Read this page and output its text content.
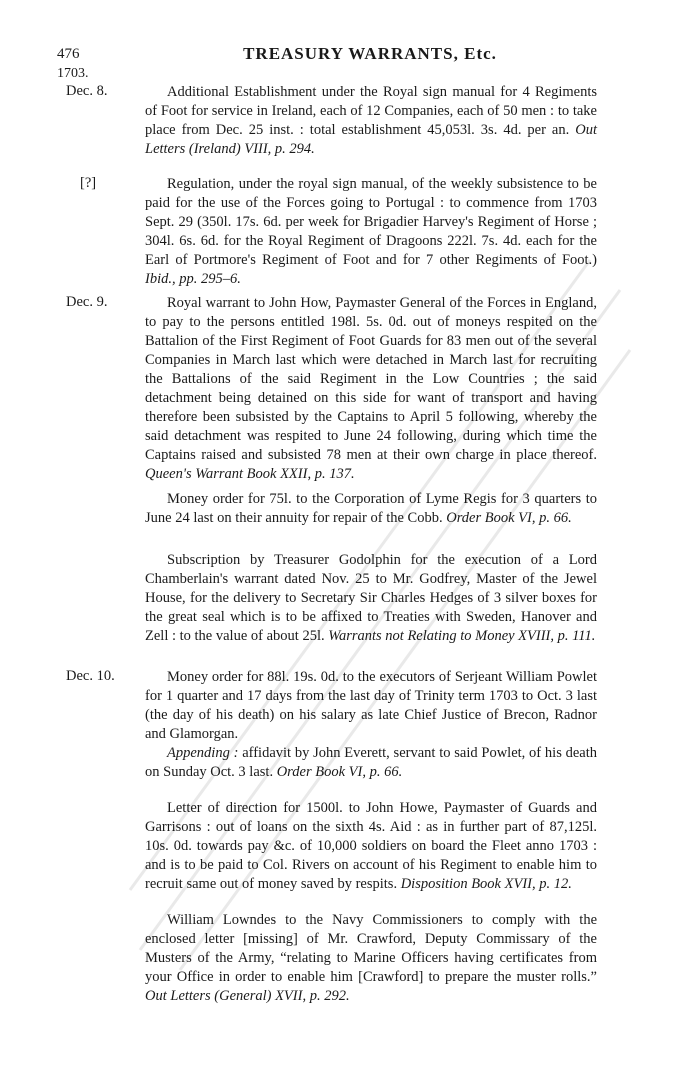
476	TREASURY WARRANTS, Etc.
1703.
Dec. 8.	Additional Establishment under the Royal sign manual for 4 Regiments of Foot for service in Ireland, each of 12 Companies, each of 50 men : to take place from Dec. 25 inst. : total establishment 45,053l. 3s. 4d. per an. Out Letters (Ireland) VIII, p. 294.

[?]	Regulation, under the royal sign manual, of the weekly subsistence to be paid for the use of the Forces going to Portugal : to commence from 1703 Sept. 29 (350l. 17s. 6d. per week for Brigadier Harvey's Regiment of Horse ; 304l. 6s. 6d. for the Royal Regiment of Dragoons 222l. 7s. 4d. each for the Earl of Portmore's Regiment of Foot and for 7 other Regiments of Foot.) Ibid., pp. 295–6.

Dec. 9.	Royal warrant to John How, Paymaster General of the Forces in England, to pay to the persons entitled 198l. 5s. 0d. out of moneys respited on the Battalion of the First Regiment of Foot Guards for 83 men out of the several Companies in March last which were detached in March last for recruiting the Battalions of the said Regiment in the Low Countries ; the said detachment being detained on this side for want of transport and having therefore been subsisted by the Captains to April 5 following, whereby the said detachment was respited to June 24 following, during which time the Captains raised and subsisted 78 men at their own charge in place thereof. Queen's Warrant Book XXII, p. 137.

Money order for 75l. to the Corporation of Lyme Regis for 3 quarters to June 24 last on their annuity for repair of the Cobb. Order Book VI, p. 66.

Subscription by Treasurer Godolphin for the execution of a Lord Chamberlain's warrant dated Nov. 25 to Mr. Godfrey, Master of the Jewel House, for the delivery to Secretary Sir Charles Hedges of 3 silver boxes for the great seal which is to be affixed to Treaties with Sweden, Hanover and Zell : to the value of about 25l. Warrants not Relating to Money XVIII, p. 111.

Dec. 10.	Money order for 88l. 19s. 0d. to the executors of Serjeant William Powlet for 1 quarter and 17 days from the last day of Trinity term 1703 to Oct. 3 last (the day of his death) on his salary as late Chief Justice of Brecon, Radnor and Glamorgan.
Appending : affidavit by John Everett, servant to said Powlet, of his death on Sunday Oct. 3 last. Order Book VI, p. 66.

Letter of direction for 1500l. to John Howe, Paymaster of Guards and Garrisons : out of loans on the sixth 4s. Aid : as in further part of 87,125l. 10s. 0d. towards pay &c. of 10,000 soldiers on board the Fleet anno 1703 : and is to be paid to Col. Rivers on account of his Regiment to enable him to recruit same out of money saved by respits. Disposition Book XVII, p. 12.

William Lowndes to the Navy Commissioners to comply with the enclosed letter [missing] of Mr. Crawford, Deputy Commissary of the Musters of the Army, “relating to Marine Officers having certificates from your Office in order to enable him [Crawford] to prepare the muster rolls.” Out Letters (General) XVII, p. 292.
